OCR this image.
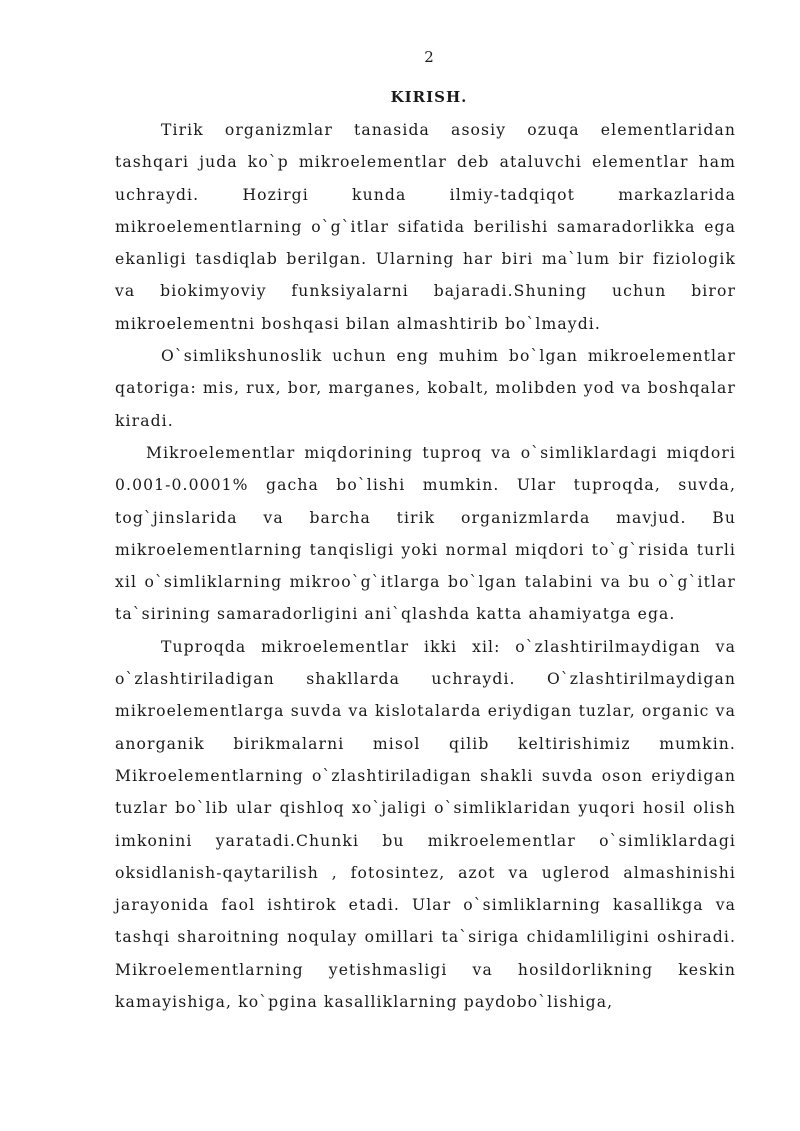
2
KIRISH.

Tirik organizmlar tanasida asosiy ozuqa elementlaridan tashqari juda ko`p mikroelementlar deb ataluvchi elementlar ham uchraydi. Hozirgi kunda ilmiy-tadqiqot markazlarida mikroelementlarning o`g`itlar sifatida berilishi samaradorlikka ega ekanligi tasdiqlab berilgan. Ularning har biri ma`lum bir fiziologik va biokimyoviy funksiyalarni bajaradi.Shuning uchun biror mikroelementni boshqasi bilan almashtirib bo`lmaydi.

O`simlikshunoslik uchun eng muhim bo`lgan mikroelementlar qatoriga: mis, rux, bor, marganes, kobalt, molibden yod va boshqalar kiradi.

Mikroelementlar miqdorining tuproq va o`simliklardagi miqdori 0.001-0.0001% gacha bo`lishi mumkin. Ular tuproqda, suvda, tog`jinslarida va barcha tirik organizmlarda mavjud. Bu mikroelementlarning tanqisligi yoki normal miqdori to`g`risida turli xil o`simliklarning mikroo`g`itlarga bo`lgan talabini va bu o`g`itlar ta`sirining samaradorligini ani`qlashda katta ahamiyatga ega.

Tuproqda mikroelementlar ikki xil: o`zlashtirilmaydigan va o`zlashtiriladigan shakllarda uchraydi. O`zlashtirilmaydigan mikroelementlarga suvda va kislotalarda eriydigan tuzlar, organic va anorganik birikmalarni misol qilib keltirishimiz mumkin. Mikroelementlarning o`zlashtiriladigan shakli suvda oson eriydigan tuzlar bo`lib ular qishloq xo`jaligi o`simliklaridan yuqori hosil olish imkonini yaratadi.Chunki bu mikroelementlar o`simliklardagi oksidlanish-qaytarilish , fotosintez, azot va uglerod almashinishi jarayonida faol ishtirok etadi. Ular o`simliklarning kasallikga va tashqi sharoitning noqulay omillari ta`siriga chidamliligini oshiradi. Mikroelementlarning yetishmasligi va hosildorlikning keskin kamayishiga, ko`pgina kasalliklarning paydobo`lishiga,
